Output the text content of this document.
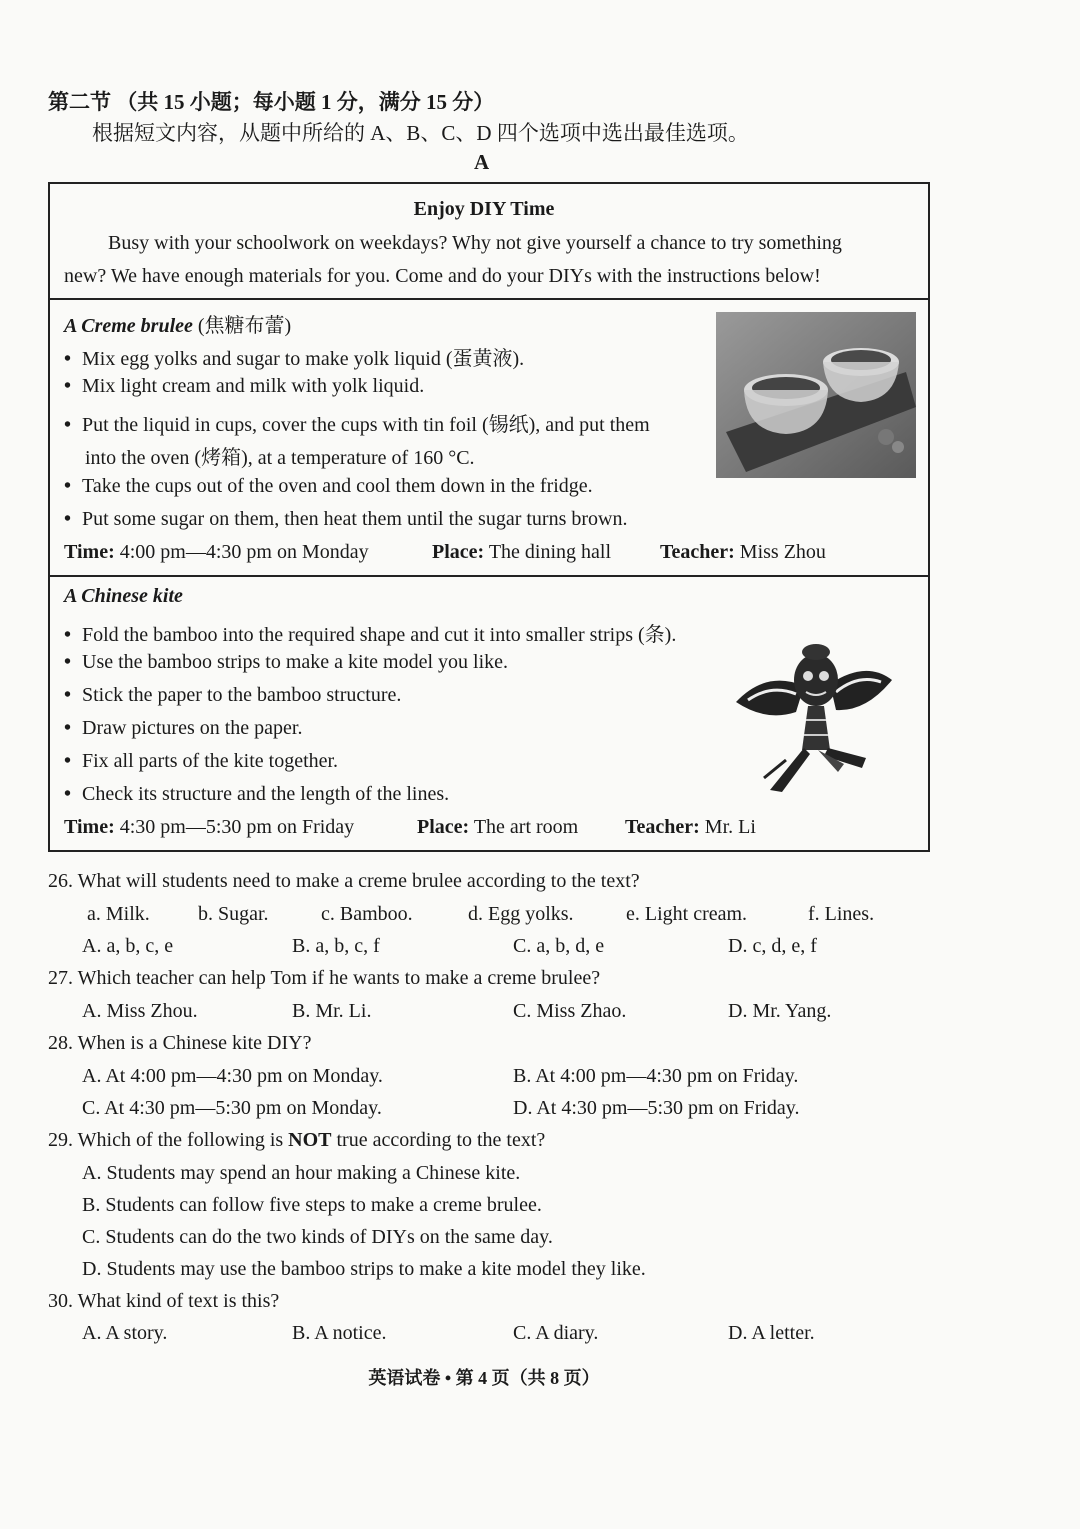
第二节 （共 15 小题；每小题 1 分，满分 15 分）
根据短文内容，从题中所给的 A、B、C、D 四个选项中选出最佳选项。
A
Enjoy DIY Time
Busy with your schoolwork on weekdays? Why not give yourself a chance to try something
new? We have enough materials for you. Come and do your DIYs with the instructions below!
A Creme brulee (焦糖布蕾)
• Mix egg yolks and sugar to make yolk liquid (蛋黄液).
• Mix light cream and milk with yolk liquid.
• Put the liquid in cups, cover the cups with tin foil (锡纸), and put them
into the oven (烤箱), at a temperature of 160 °C.
• Take the cups out of the oven and cool them down in the fridge.
• Put some sugar on them, then heat them until the sugar turns brown.
Time: 4:00 pm—4:30 pm on Monday	Place: The dining hall Teacher: Miss Zhou
A Chinese kite
• Fold the bamboo into the required shape and cut it into smaller strips (条).
• Use the bamboo strips to make a kite model you like.
• Stick the paper to the bamboo structure.
• Draw pictures on the paper.
• Fix all parts of the kite together.
• Check its structure and the length of the lines.
Time: 4:30 pm—5:30 pm on Friday	Place: The art room Teacher: Mr. Li
26. What will students need to make a creme brulee according to the text?
a. Milk. b. Sugar.	c. Bamboo.	d. Egg yolks.	e. Light cream.	f. Lines.
A. a, b, c, e	B. a, b, c, f	C. a, b, d, e	D. c, d, e, f
27. Which teacher can help Tom if he wants to make a creme brulee?
A. Miss Zhou.	B. Mr. Li.	C. Miss Zhao.	D. Mr. Yang.
28. When is a Chinese kite DIY?
A. At 4:00 pm—4:30 pm on Monday.	B. At 4:00 pm—4:30 pm on Friday.
C. At 4:30 pm—5:30 pm on Monday.	D. At 4:30 pm—5:30 pm on Friday.
29. Which of the following is NOT true according to the text?
A. Students may spend an hour making a Chinese kite.
B. Students can follow five steps to make a creme brulee.
C. Students can do the two kinds of DIYs on the same day.
D. Students may use the bamboo strips to make a kite model they like.
30. What kind of text is this?
A. A story.	B. A notice.	C. A diary.	D. A letter.
英语试卷 • 第 4 页（共 8 页）
